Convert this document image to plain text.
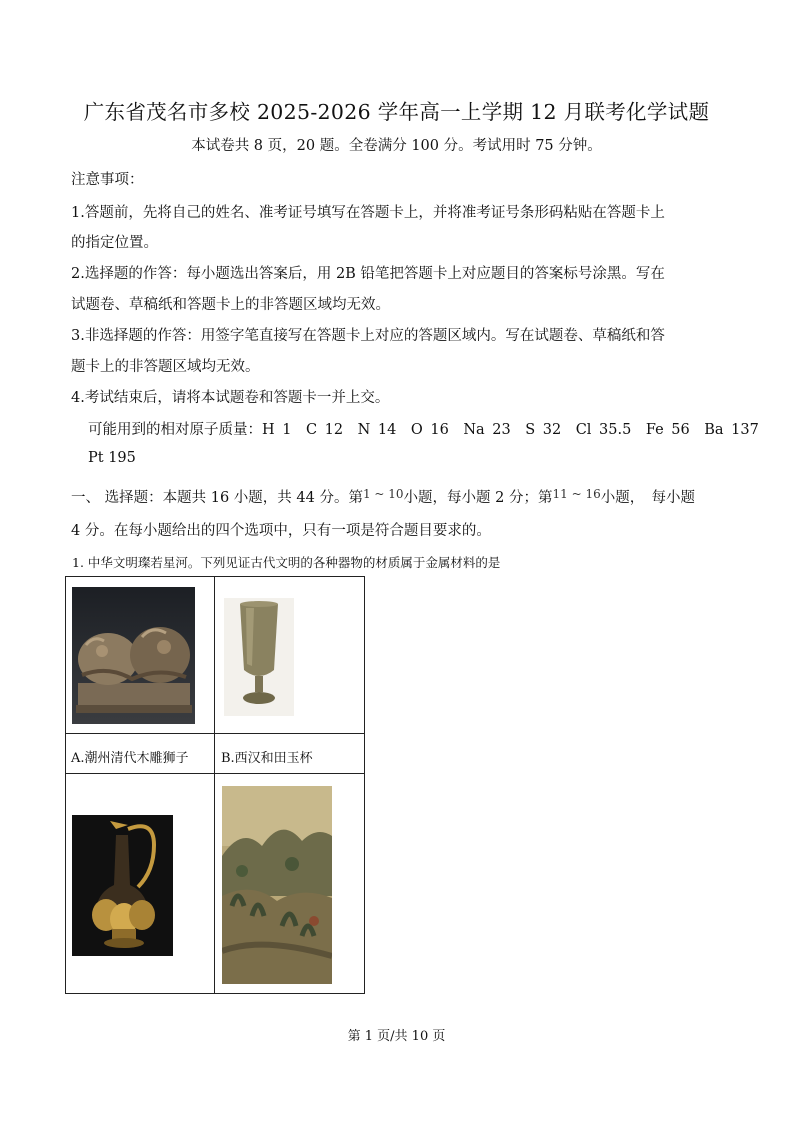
广东省茂名市多校 2025-2026 学年高一上学期 12 月联考化学试题
本试卷共 8 页，20 题。全卷满分 100 分。考试用时 75 分钟。
注意事项：
1.答题前，先将自己的姓名、准考证号填写在答题卡上，并将准考证号条形码粘贴在答题卡上
的指定位置。
2.选择题的作答：每小题选出答案后，用 2B 铅笔把答题卡上对应题目的答案标号涂黑。写在
试题卷、草稿纸和答题卡上的非答题区域均无效。
3.非选择题的作答：用签字笔直接写在答题卡上对应的答题区域内。写在试题卷、草稿纸和答
题卡上的非答题区域均无效。
4.考试结束后，请将本试题卷和答题卡一并上交。
可能用到的相对原子质量：H 1　C 12　N 14　O 16　Na 23　S 32　Cl 35.5　Fe 56　Ba 137
Pt 195
一、 选择题：本题共 16 小题，共 44 分。第$^{1 \sim 10}$小题，每小题 2 分；第$^{11 \sim 16}$小题，　每小题
4 分。在每小题给出的四个选项中，只有一项是符合题目要求的。
1. 中华文明璨若星河。下列见证古代文明的各种器物的材质属于金属材料的是
A.潮州清代木雕狮子 B.西汉和田玉杯
第 1 页/共 10 页
